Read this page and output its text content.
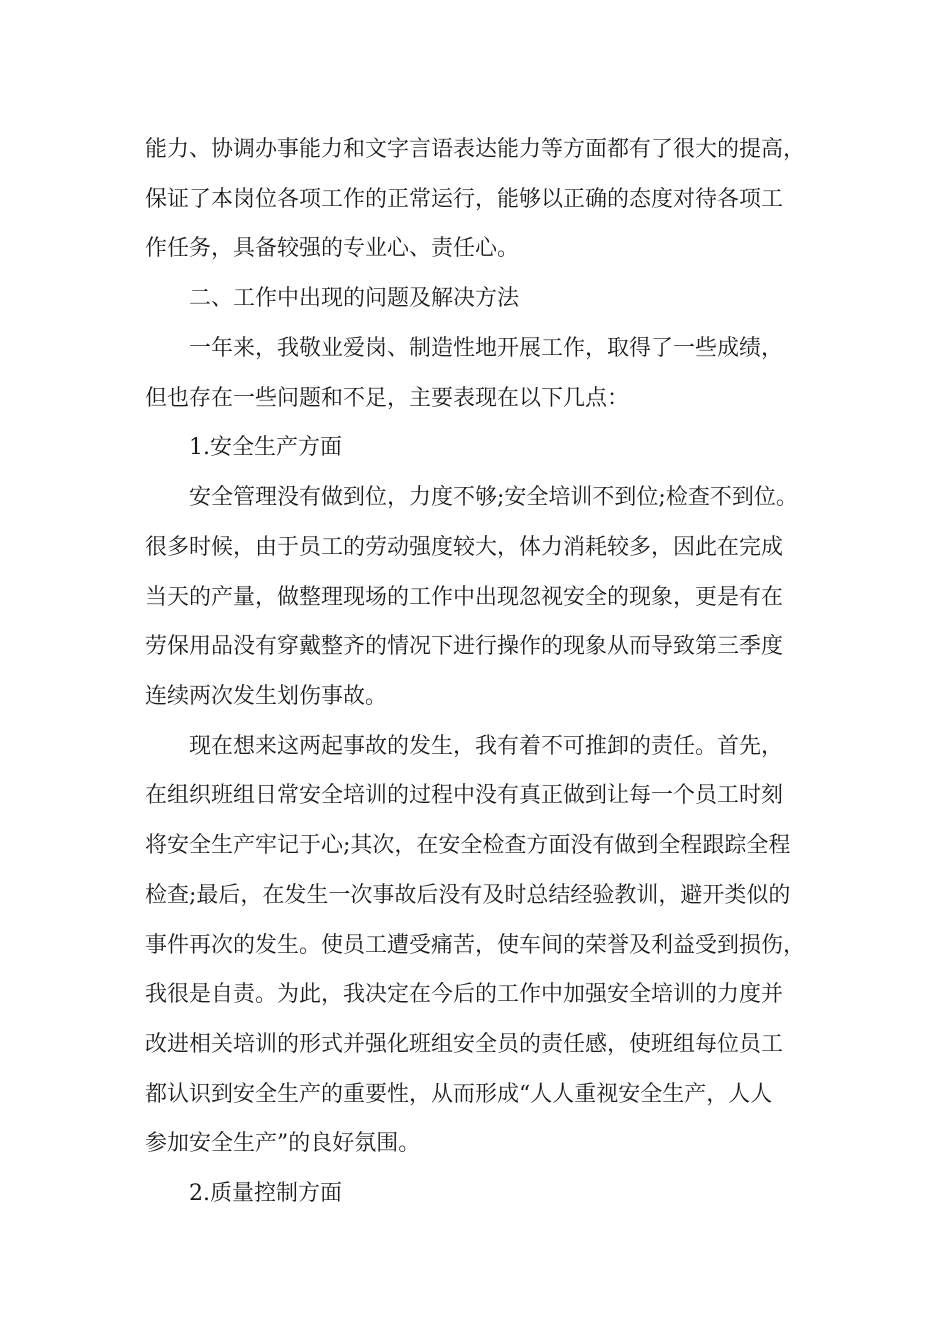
能力、协调办事能力和文字言语表达能力等方面都有了很大的提高，
保证了本岗位各项工作的正常运行，能够以正确的态度对待各项工
作任务，具备较强的专业心、责任心。
二、工作中出现的问题及解决方法
一年来，我敬业爱岗、制造性地开展工作，取得了一些成绩，
但也存在一些问题和不足，主要表现在以下几点：
1.安全生产方面
安全管理没有做到位，力度不够;安全培训不到位;检查不到位。
很多时候，由于员工的劳动强度较大，体力消耗较多，因此在完成
当天的产量，做整理现场的工作中出现忽视安全的现象，更是有在
劳保用品没有穿戴整齐的情况下进行操作的现象从而导致第三季度
连续两次发生划伤事故。
现在想来这两起事故的发生，我有着不可推卸的责任。首先，
在组织班组日常安全培训的过程中没有真正做到让每一个员工时刻
将安全生产牢记于心;其次，在安全检查方面没有做到全程跟踪全程
检查;最后，在发生一次事故后没有及时总结经验教训，避开类似的
事件再次的发生。使员工遭受痛苦，使车间的荣誉及利益受到损伤，
我很是自责。为此，我决定在今后的工作中加强安全培训的力度并
改进相关培训的形式并强化班组安全员的责任感，使班组每位员工
都认识到安全生产的重要性，从而形成“人人重视安全生产，人人
参加安全生产”的良好氛围。
2.质量控制方面
